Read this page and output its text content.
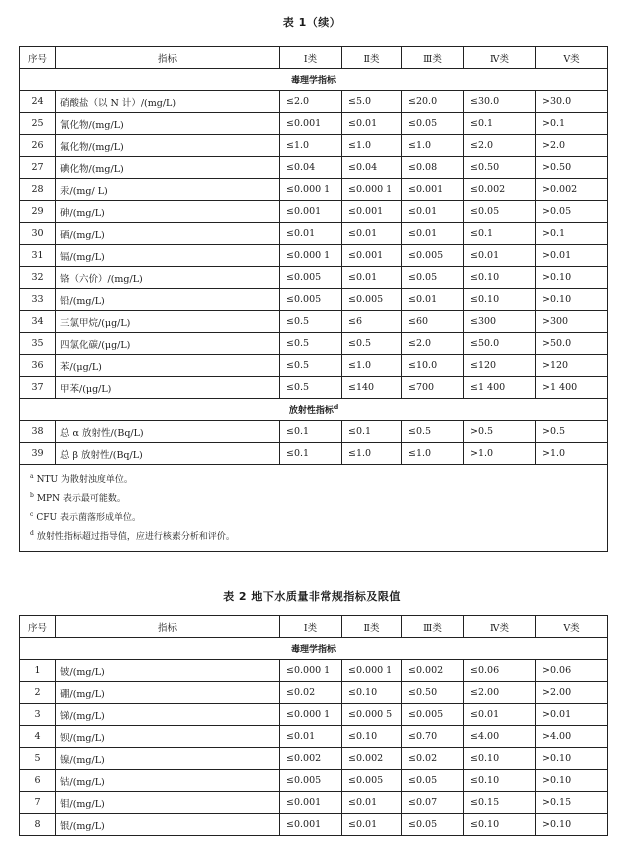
表 1（续）
序号	指标	Ⅰ类	Ⅱ类	Ⅲ类	Ⅳ类	Ⅴ类
毒理学指标						
24	硝酸盐（以 N 计）/(mg/L)	≤2.0	≤5.0	≤20.0	≤30.0	>30.0
25	氰化物/(mg/L)	≤0.001	≤0.01	≤0.05	≤0.1	>0.1
26	氟化物/(mg/L)	≤1.0	≤1.0	≤1.0	≤2.0	>2.0
27	碘化物/(mg/L)	≤0.04	≤0.04	≤0.08	≤0.50	>0.50
28	汞/(mg/ L)	≤0.000 1	≤0.000 1	≤0.001	≤0.002	>0.002
29	砷/(mg/L)	≤0.001	≤0.001	≤0.01	≤0.05	>0.05
30	硒/(mg/L)	≤0.01	≤0.01	≤0.01	≤0.1	>0.1
31	镉/(mg/L)	≤0.000 1	≤0.001	≤0.005	≤0.01	>0.01
32	铬（六价）/(mg/L)	≤0.005	≤0.01	≤0.05	≤0.10	>0.10
33	铅/(mg/L)	≤0.005	≤0.005	≤0.01	≤0.10	>0.10
34	三氯甲烷/(μg/L)	≤0.5	≤6	≤60	≤300	>300
35	四氯化碳/(μg/L)	≤0.5	≤0.5	≤2.0	≤50.0	>50.0
36	苯/(μg/L)	≤0.5	≤1.0	≤10.0	≤120	>120
37	甲苯/(μg/L)	≤0.5	≤140	≤700	≤1 400	>1 400
放射性指标$^d$
38	总 α 放射性/(Bq/L)	≤0.1	≤0.1	≤0.5	>0.5	>0.5
39	总 β 放射性/(Bq/L)	≤0.1	≤1.0	≤1.0	>1.0	>1.0

$^a$ NTU 为散射浊度单位。
$^b$ MPN 表示最可能数。
$^c$ CFU 表示菌落形成单位。
$^d$ 放射性指标超过指导值，应进行核素分析和评价。						
表 2 地下水质量非常规指标及限值
序号	指标	Ⅰ类	Ⅱ类	Ⅲ类	Ⅳ类	Ⅴ类
毒理学指标						
1	铍/(mg/L)	≤0.000 1	≤0.000 1	≤0.002	≤0.06	>0.06
2	硼/(mg/L)	≤0.02	≤0.10	≤0.50	≤2.00	>2.00
3	锑/(mg/L)	≤0.000 1	≤0.000 5	≤0.005	≤0.01	>0.01
4	钡/(mg/L)	≤0.01	≤0.10	≤0.70	≤4.00	>4.00
5	镍/(mg/L)	≤0.002	≤0.002	≤0.02	≤0.10	>0.10
6	钴/(mg/L)	≤0.005	≤0.005	≤0.05	≤0.10	>0.10
7	钼/(mg/L)	≤0.001	≤0.01	≤0.07	≤0.15	>0.15
8	银/(mg/L)	≤0.001	≤0.01	≤0.05	≤0.10	>0.10
